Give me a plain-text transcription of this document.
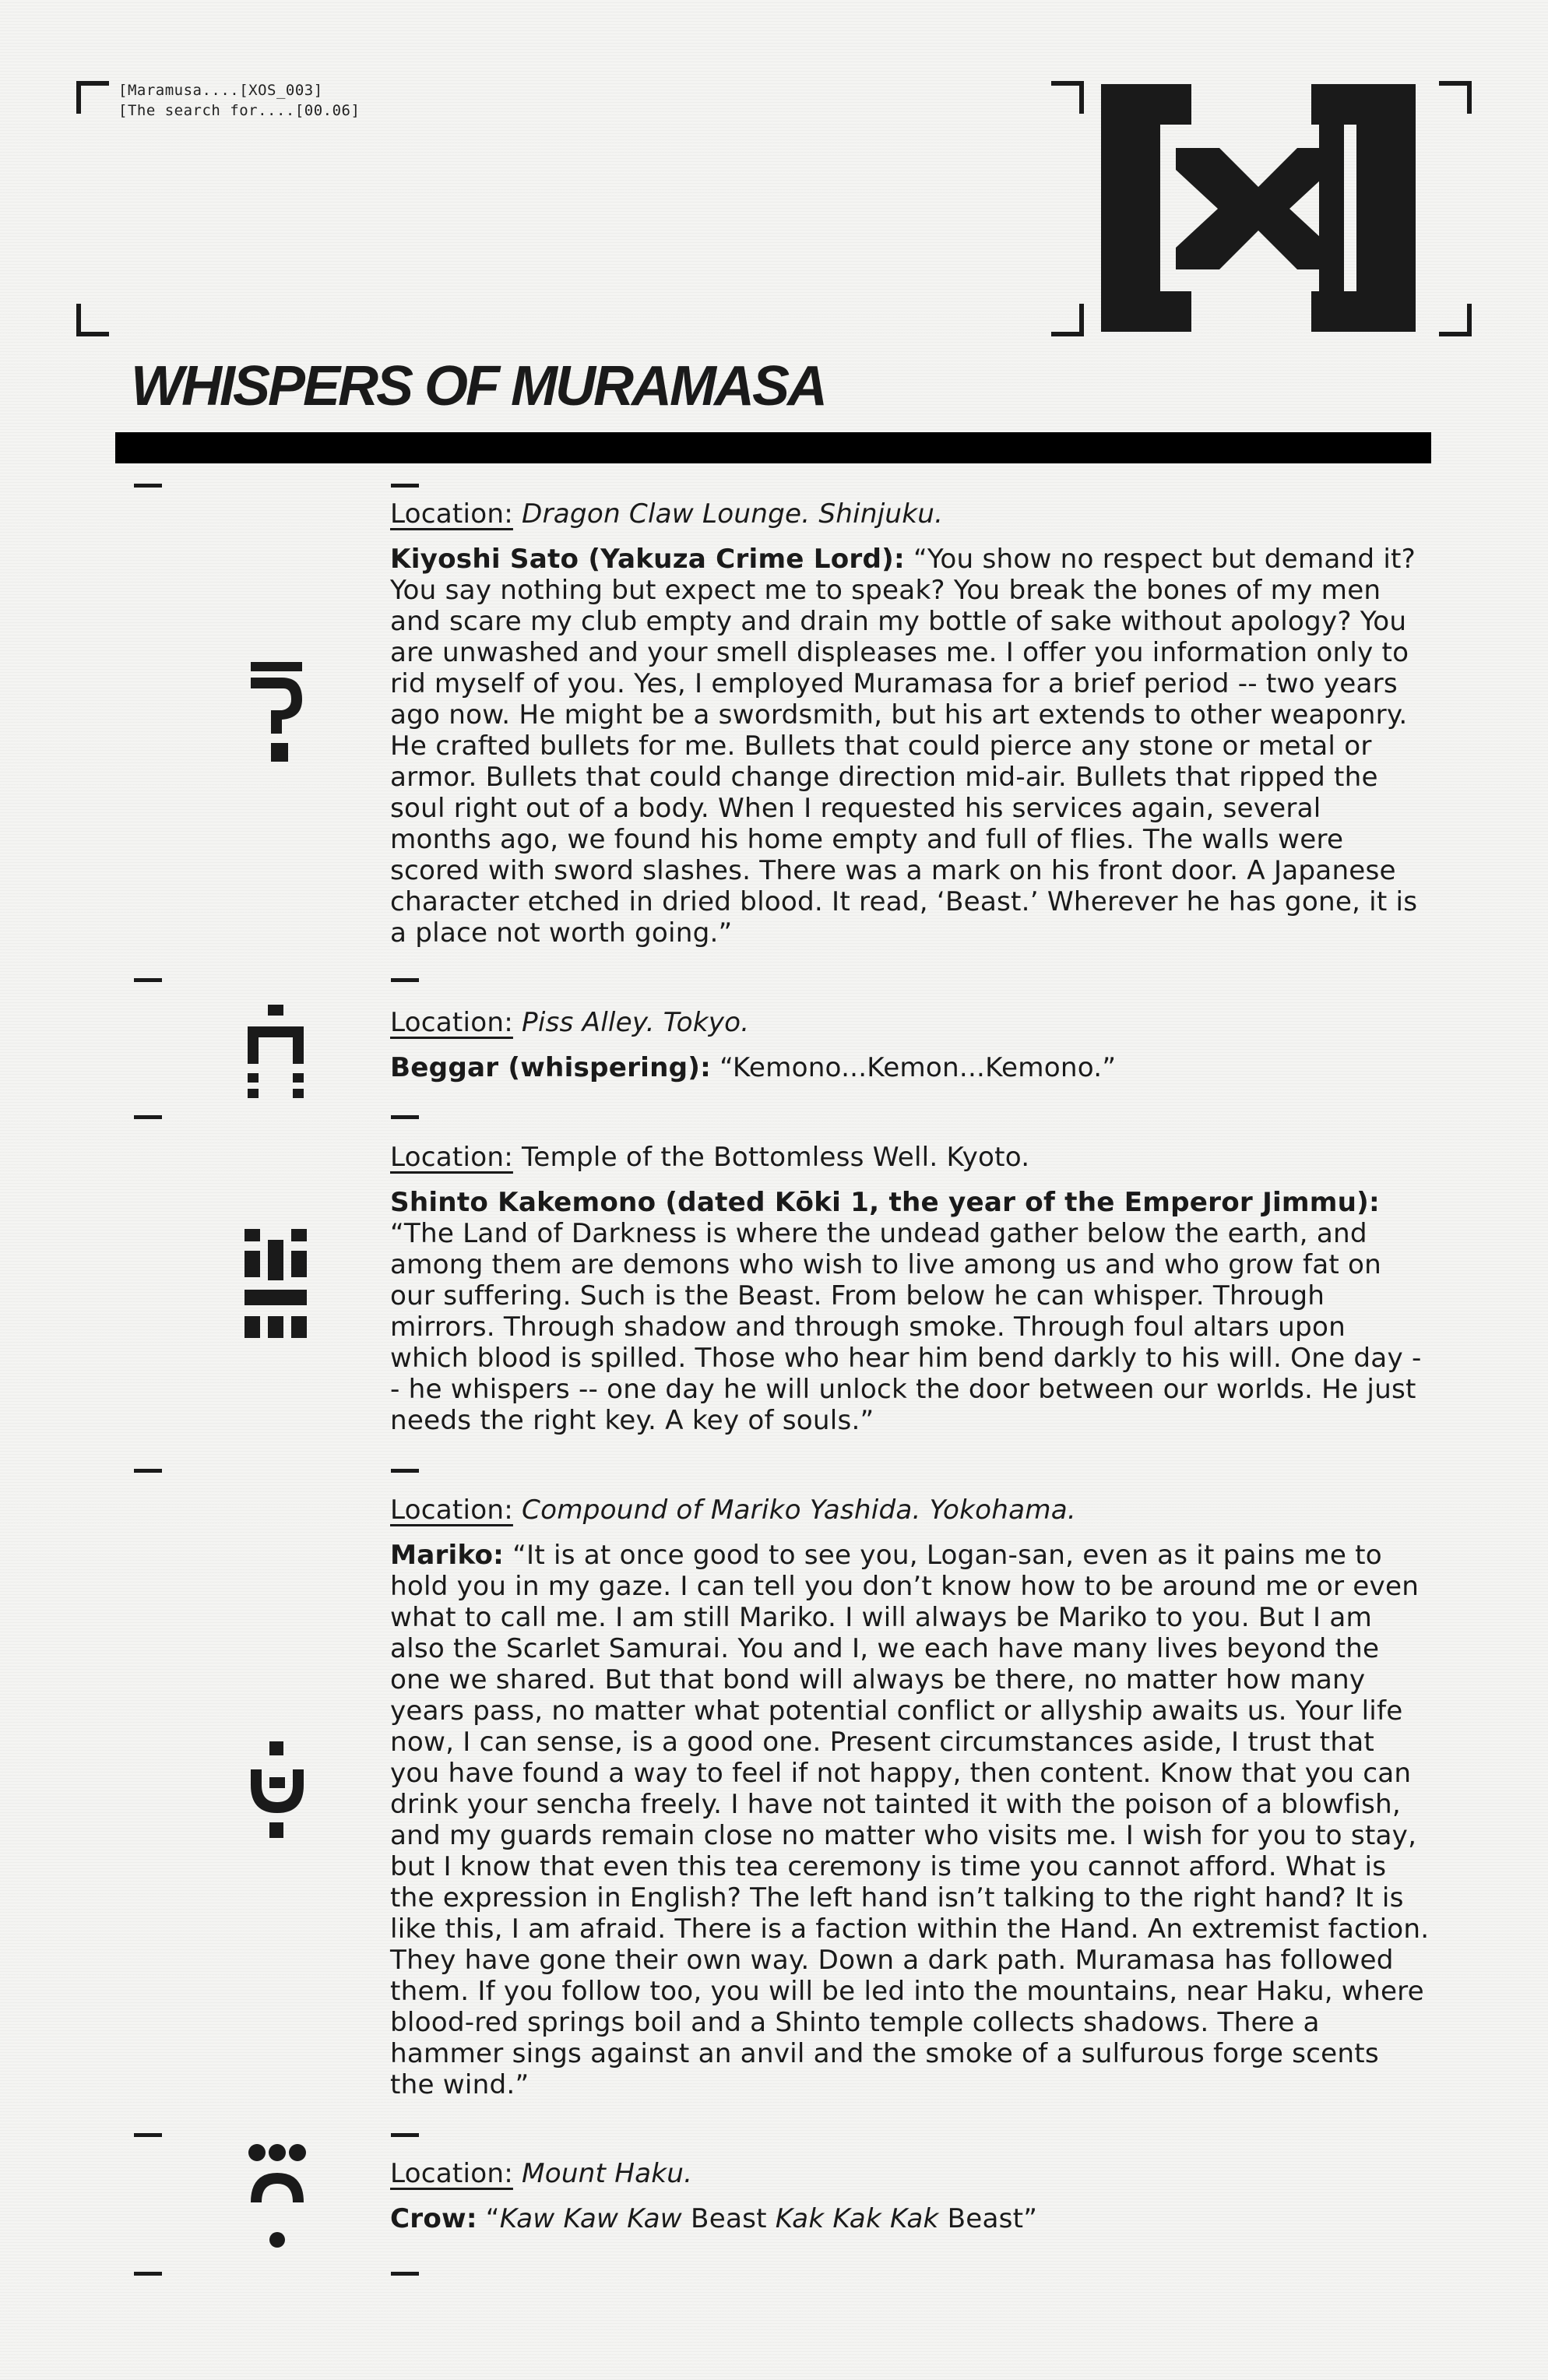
[Maramusa....[XOS_003]
[The search for....[00.06]
WHISPERS OF MURAMASA

Location: Dragon Claw Lounge. Shinjuku.

Kiyoshi Sato (Yakuza Crime Lord): “You show no respect but demand it? You say nothing but expect me to speak? You break the bones of my men and scare my club empty and drain my bottle of sake without apology? You are unwashed and your smell displeases me. I offer you information only to rid myself of you. Yes, I employed Muramasa for a brief period -- two years ago now. He might be a swordsmith, but his art extends to other weaponry. He crafted bullets for me. Bullets that could pierce any stone or metal or armor. Bullets that could change direction mid-air. Bullets that ripped the soul right out of a body. When I requested his services again, several months ago, we found his home empty and full of flies. The walls were scored with sword slashes. There was a mark on his front door. A Japanese character etched in dried blood. It read, ‘Beast.’ Wherever he has gone, it is a place not worth going.”

Location: Piss Alley. Tokyo.

Beggar (whispering): “Kemono...Kemon...Kemono.”

Location: Temple of the Bottomless Well. Kyoto.

Shinto Kakemono (dated Kōki 1, the year of the Emperor Jimmu): “The Land of Darkness is where the undead gather below the earth, and among them are demons who wish to live among us and who grow fat on our suffering. Such is the Beast. From below he can whisper. Through mirrors. Through shadow and through smoke. Through foul altars upon which blood is spilled. Those who hear him bend darkly to his will. One day -- he whispers -- one day he will unlock the door between our worlds. He just needs the right key. A key of souls.”

Location: Compound of Mariko Yashida. Yokohama.

Mariko: “It is at once good to see you, Logan-san, even as it pains me to hold you in my gaze. I can tell you don’t know how to be around me or even what to call me. I am still Mariko. I will always be Mariko to you. But I am also the Scarlet Samurai. You and I, we each have many lives beyond the one we shared. But that bond will always be there, no matter how many years pass, no matter what potential conflict or allyship awaits us. Your life now, I can sense, is a good one. Present circumstances aside, I trust that you have found a way to feel if not happy, then content. Know that you can drink your sencha freely. I have not tainted it with the poison of a blowfish, and my guards remain close no matter who visits me. I wish for you to stay, but I know that even this tea ceremony is time you cannot afford. What is the expression in English? The left hand isn’t talking to the right hand? It is like this, I am afraid. There is a faction within the Hand. An extremist faction. They have gone their own way. Down a dark path. Muramasa has followed them. If you follow too, you will be led into the mountains, near Haku, where blood-red springs boil and a Shinto temple collects shadows. There a hammer sings against an anvil and the smoke of a sulfurous forge scents the wind.”

Location: Mount Haku.

Crow: “Kaw Kaw Kaw Beast Kak Kak Kak Beast”
